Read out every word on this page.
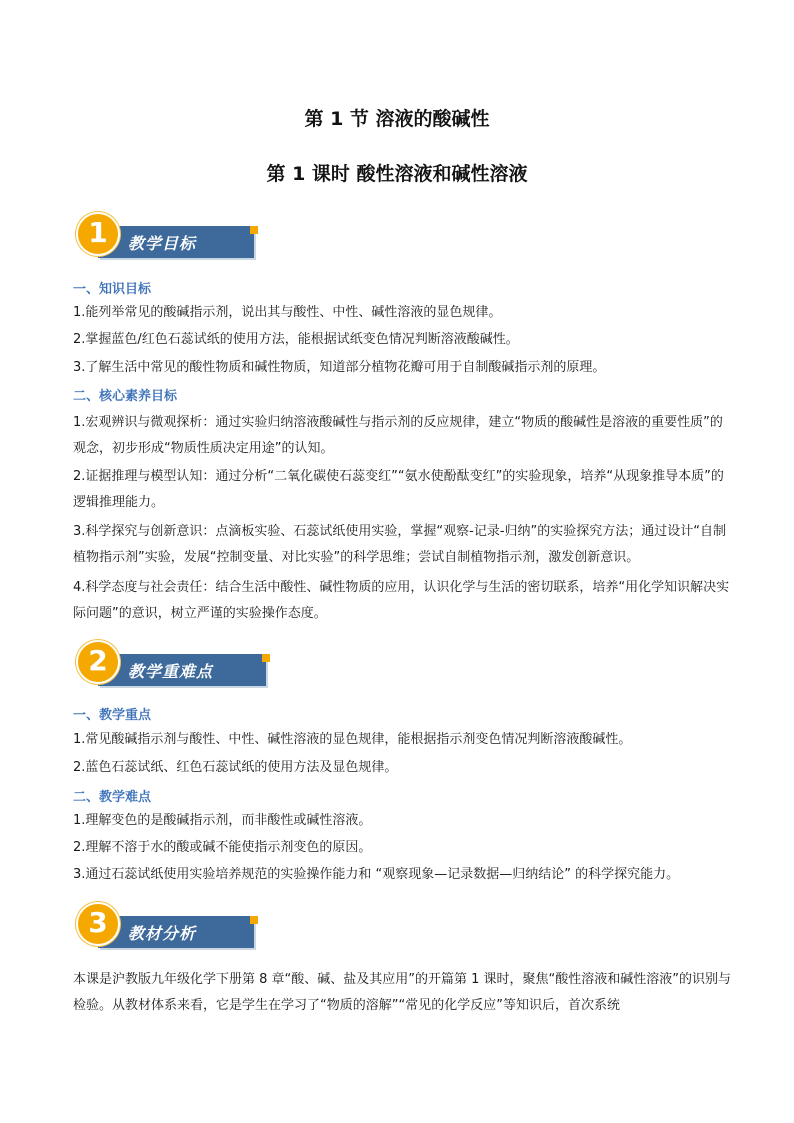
第 1 节 溶液的酸碱性
第 1 课时 酸性溶液和碱性溶液
教学目标
1

一、知识目标

1.能列举常见的酸碱指示剂，说出其与酸性、中性、碱性溶液的显色规律。

2.掌握蓝色/红色石蕊试纸的使用方法，能根据试纸变色情况判断溶液酸碱性。

3.了解生活中常见的酸性物质和碱性物质，知道部分植物花瓣可用于自制酸碱指示剂的原理。

二、核心素养目标

1.宏观辨识与微观探析：通过实验归纳溶液酸碱性与指示剂的反应规律，建立“物质的酸碱性是溶液的重要性质”的观念，初步形成“物质性质决定用途”的认知。

2.证据推理与模型认知：通过分析“二氧化碳使石蕊变红”“氨水使酚酞变红”的实验现象，培养“从现象推导本质”的逻辑推理能力。

3.科学探究与创新意识：点滴板实验、石蕊试纸使用实验，掌握“观察-记录-归纳”的实验探究方法；通过设计“自制植物指示剂”实验，发展“控制变量、对比实验”的科学思维；尝试自制植物指示剂，激发创新意识。

4.科学态度与社会责任：结合生活中酸性、碱性物质的应用，认识化学与生活的密切联系，培养“用化学知识解决实际问题”的意识，树立严谨的实验操作态度。

教学重难点
2

一、教学重点

1.常见酸碱指示剂与酸性、中性、碱性溶液的显色规律，能根据指示剂变色情况判断溶液酸碱性。

2.蓝色石蕊试纸、红色石蕊试纸的使用方法及显色规律。

二、教学难点

1.理解变色的是酸碱指示剂，而非酸性或碱性溶液。

2.理解不溶于水的酸或碱不能使指示剂变色的原因。

3.通过石蕊试纸使用实验培养规范的实验操作能力和 “观察现象—记录数据—归纳结论” 的科学探究能力。

教材分析
3

本课是沪教版九年级化学下册第 8 章“酸、碱、盐及其应用”的开篇第 1 课时，聚焦“酸性溶液和碱性溶液”的识别与检验。从教材体系来看，它是学生在学习了“物质的溶解”“常见的化学反应”等知识后，首次系统
